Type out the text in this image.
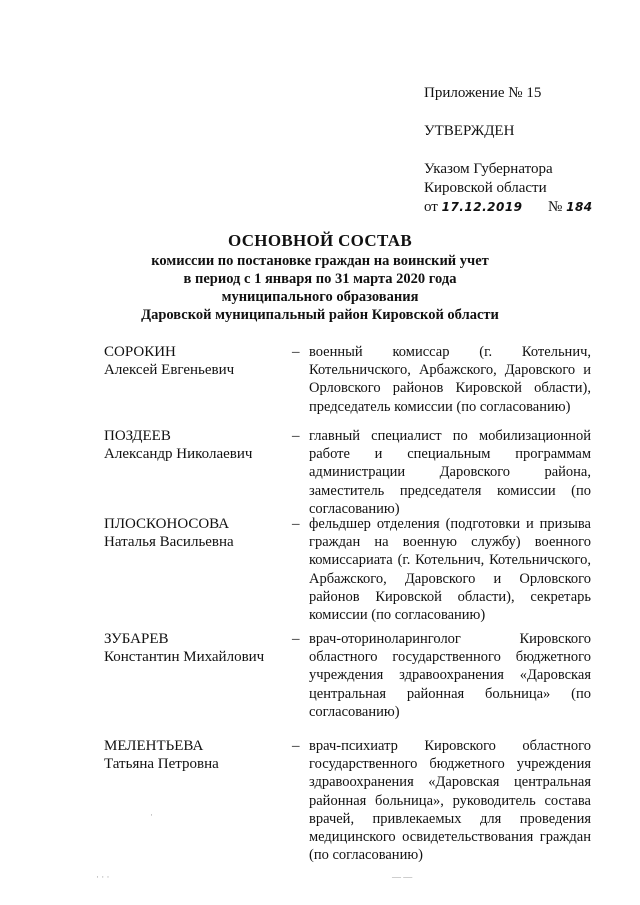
Приложение № 15
УТВЕРЖДЕН
Указом Губернатора
Кировской области
от 17.12.2019 № 184
ОСНОВНОЙ СОСТАВ
комиссии по постановке граждан на воинский учет
в период с 1 января по 31 марта 2020 года
муниципального образования
Даровской муниципальный район Кировской области
СОРОКИН
Алексей Евгеньевич
– военный комиссар (г. Котельнич, Котельничского, Арбажского, Даровского и Орловского районов Кировской области), председатель комиссии (по согласованию)
ПОЗДЕЕВ
Александр Николаевич
– главный специалист по мобилизационной работе и специальным программам администрации Даровского района, заместитель председателя комиссии (по согласованию)
ПЛОСКОНОСОВА
Наталья Васильевна
– фельдшер отделения (подготовки и призыва граждан на военную службу) военного комиссариата (г. Котельнич, Котельничского, Арбажского, Даровского и Орловского районов Кировской области), секретарь комиссии (по согласованию)
ЗУБАРЕВ
Константин Михайлович
– врач-оториноларинголог Кировского областного государственного бюджетного учреждения здравоохранения «Даровская центральная районная больница» (по согласованию)
МЕЛЕНТЬЕВА
Татьяна Петровна
– врач-психиатр Кировского областного государственного бюджетного учреждения здравоохранения «Даровская центральная районная больница», руководитель состава врачей, привлекаемых для проведения медицинского освидетельствования граждан (по согласованию)
·
· · ·	— —
